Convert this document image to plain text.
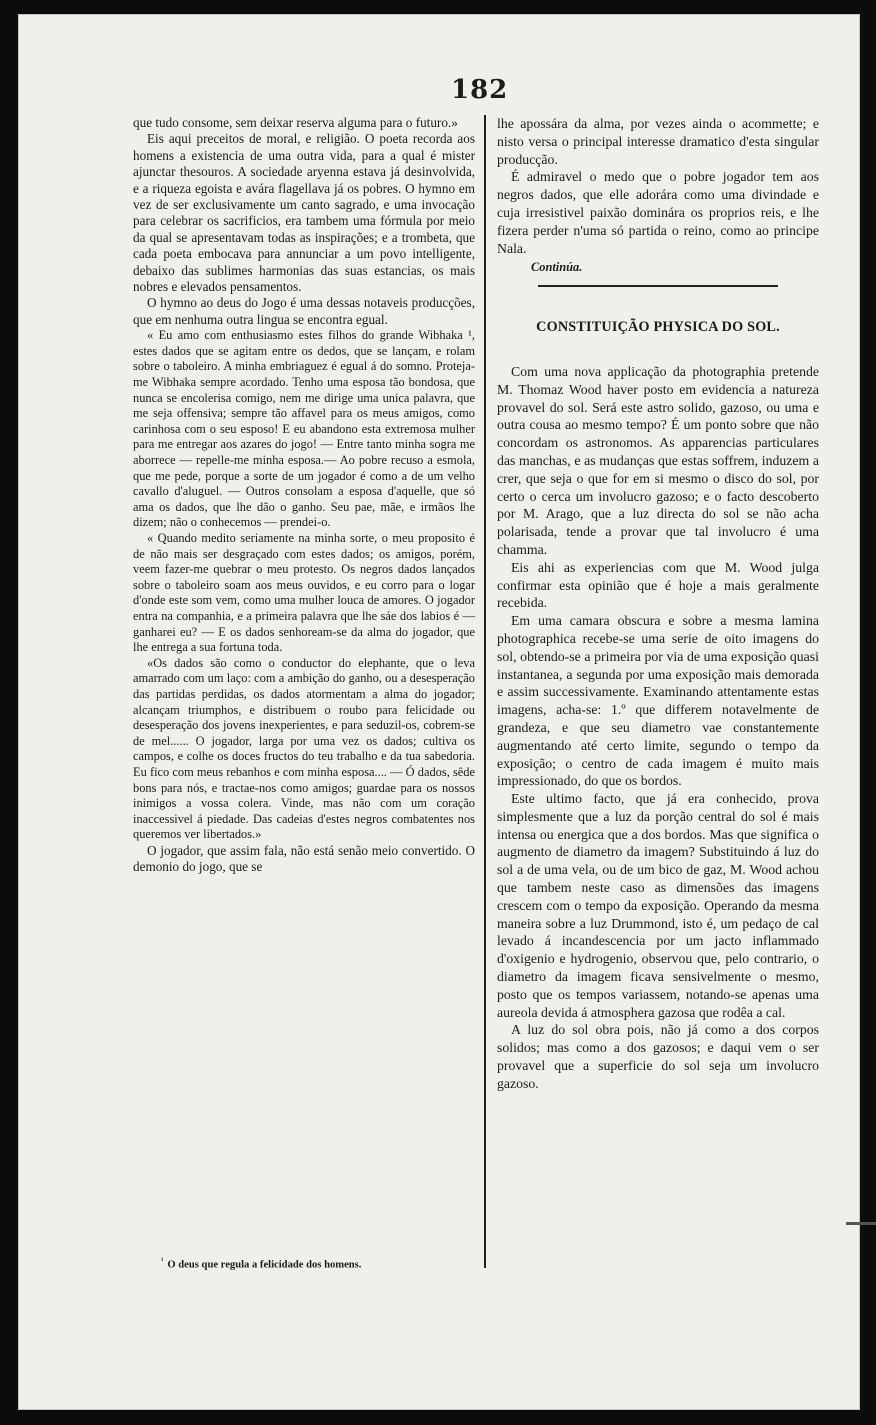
182

que tudo consome, sem deixar reserva alguma para o futuro.»

Eis aqui preceitos de moral, e religião. O poeta recorda aos homens a existencia de uma outra vida, para a qual é mister ajunctar thesouros. A sociedade aryenna estava já desinvolvida, e a riqueza egoista e avára flagellava já os pobres. O hymno em vez de ser exclusivamente um canto sagrado, e uma invocação para celebrar os sacrificios, era tambem uma fórmula por meio da qual se apresentavam todas as inspirações; e a trombeta, que cada poeta embocava para annunciar a um povo intelligente, debaixo das sublimes harmonias das suas estancias, os mais nobres e elevados pensamentos.

O hymno ao deus do Jogo é uma dessas notaveis producções, que em nenhuma outra lingua se encontra egual.

« Eu amo com enthusiasmo estes filhos do grande Wibhaka ¹, estes dados que se agitam entre os dedos, que se lançam, e rolam sobre o taboleiro. A minha embriaguez é egual á do somno. Proteja-me Wibhaka sempre acordado. Tenho uma esposa tão bondosa, que nunca se encolerisa comigo, nem me dirige uma unica palavra, que me seja offensiva; sempre tão affavel para os meus amigos, como carinhosa com o seu esposo! E eu abandono esta extremosa mulher para me entregar aos azares do jogo! — Entre tanto minha sogra me aborrece — repelle-me minha esposa.— Ao pobre recuso a esmola, que me pede, porque a sorte de um jogador é como a de um velho cavallo d'aluguel. — Outros consolam a esposa d'aquelle, que só ama os dados, que lhe dão o ganho. Seu pae, mãe, e irmãos lhe dizem; não o conhecemos — prendei-o.

« Quando medito seriamente na minha sorte, o meu proposito é de não mais ser desgraçado com estes dados; os amigos, porém, veem fazer-me quebrar o meu protesto. Os negros dados lançados sobre o taboleiro soam aos meus ouvidos, e eu corro para o logar d'onde este som vem, como uma mulher louca de amores. O jogador entra na companhia, e a primeira palavra que lhe sáe dos labios é — ganharei eu? — E os dados senhoream-se da alma do jogador, que lhe entrega a sua fortuna toda.

«Os dados são como o conductor do elephante, que o leva amarrado com um laço: com a ambição do ganho, ou a desesperação das partidas perdidas, os dados atormentam a alma do jogador; alcançam triumphos, e distribuem o roubo para felicidade ou desesperação dos jovens inexperientes, e para seduzil-os, cobrem-se de mel...... O jogador, larga por uma vez os dados; cultiva os campos, e colhe os doces fructos do teu trabalho e da tua sabedoria. Eu fico com meus rebanhos e com minha esposa.... — Ó dados, sêde bons para nós, e tractae-nos como amigos; guardae para os nossos inimigos a vossa colera. Vinde, mas não com um coração inaccessivel á piedade. Das cadeias d'estes negros combatentes nos queremos ver libertados.»

O jogador, que assim fala, não está senão meio convertido. O demonio do jogo, que se

lhe apossára da alma, por vezes ainda o acommette; e nisto versa o principal interesse dramatico d'esta singular producção.

É admiravel o medo que o pobre jogador tem aos negros dados, que elle adorára como uma divindade e cuja irresistivel paixão dominára os proprios reis, e lhe fizera perder n'uma só partida o reino, como ao principe Nala.

Continúa.

CONSTITUIÇÃO PHYSICA DO SOL.

Com uma nova applicação da photographia pretende M. Thomaz Wood haver posto em evidencia a natureza provavel do sol. Será este astro solido, gazoso, ou uma e outra cousa ao mesmo tempo? É um ponto sobre que não concordam os astronomos. As apparencias particulares das manchas, e as mudanças que estas soffrem, induzem a crer, que seja o que for em si mesmo o disco do sol, por certo o cerca um involucro gazoso; e o facto descoberto por M. Arago, que a luz directa do sol se não acha polarisada, tende a provar que tal involucro é uma chamma.

Eis ahi as experiencias com que M. Wood julga confirmar esta opinião que é hoje a mais geralmente recebida.

Em uma camara obscura e sobre a mesma lamina photographica recebe-se uma serie de oito imagens do sol, obtendo-se a primeira por via de uma exposição quasi instantanea, a segunda por uma exposição mais demorada e assim successivamente. Examinando attentamente estas imagens, acha-se: 1.º que differem notavelmente de grandeza, e que seu diametro vae constantemente augmentando até certo limite, segundo o tempo da exposição; o centro de cada imagem é muito mais impressionado, do que os bordos.

Este ultimo facto, que já era conhecido, prova simplesmente que a luz da porção central do sol é mais intensa ou energica que a dos bordos. Mas que significa o augmento de diametro da imagem? Substituindo á luz do sol a de uma vela, ou de um bico de gaz, M. Wood achou que tambem neste caso as dimensões das imagens crescem com o tempo da exposição. Operando da mesma maneira sobre a luz Drummond, isto é, um pedaço de cal levado á incandescencia por um jacto inflammado d'oxigenio e hydrogenio, observou que, pelo contrario, o diametro da imagem ficava sensivelmente o mesmo, posto que os tempos variassem, notando-se apenas uma aureola devida á atmosphera gazosa que rodêa a cal.

A luz do sol obra pois, não já como a dos corpos solidos; mas como a dos gazosos; e daqui vem o ser provavel que a superficie do sol seja um involucro gazoso.

$^{^1}$ O deus que regula a felicidade dos homens.
